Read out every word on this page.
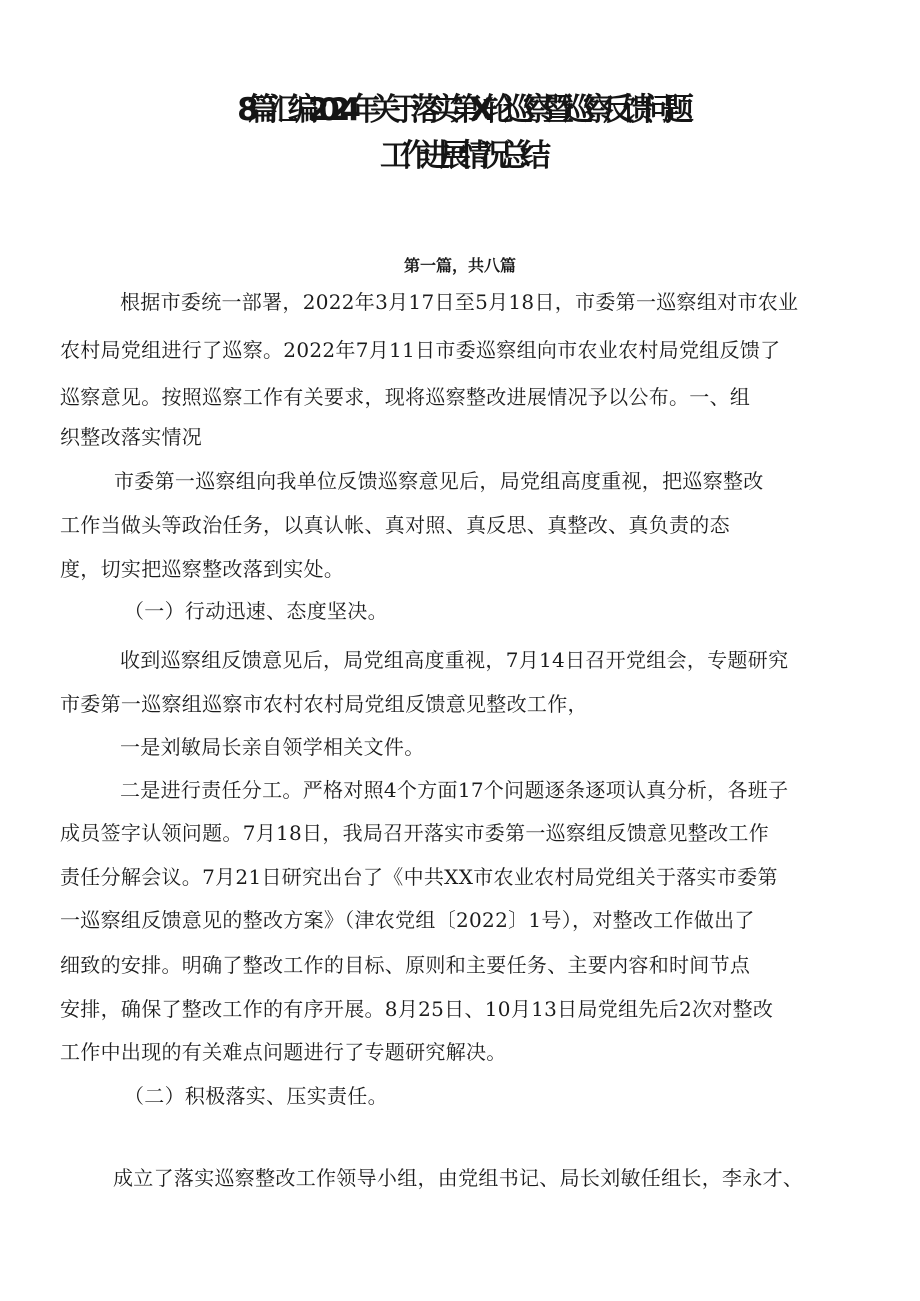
8篇汇编2024年关于落实第X轮巡察暨巡察反馈问题
工作进展情况总结
第一篇，共八篇
根据市委统一部署，2022年3月17日至5月18日，市委第一巡察组对市农业
农村局党组进行了巡察。2022年7月11日市委巡察组向市农业农村局党组反馈了
巡察意见。按照巡察工作有关要求，现将巡察整改进展情况予以公布。一、组
织整改落实情况
市委第一巡察组向我单位反馈巡察意见后，局党组高度重视，把巡察整改
工作当做头等政治任务，以真认帐、真对照、真反思、真整改、真负责的态
度，切实把巡察整改落到实处。
（一）行动迅速、态度坚决。
收到巡察组反馈意见后，局党组高度重视，7月14日召开党组会，专题研究
市委第一巡察组巡察市农村农村局党组反馈意见整改工作，
一是刘敏局长亲自领学相关文件。
二是进行责任分工。严格对照4个方面17个问题逐条逐项认真分析，各班子
成员签字认领问题。7月18日，我局召开落实市委第一巡察组反馈意见整改工作
责任分解会议。7月21日研究出台了《中共XX市农业农村局党组关于落实市委第
一巡察组反馈意见的整改方案》（津农党组〔2022〕1号），对整改工作做出了
细致的安排。明确了整改工作的目标、原则和主要任务、主要内容和时间节点
安排，确保了整改工作的有序开展。8月25日、10月13日局党组先后2次对整改
工作中出现的有关难点问题进行了专题研究解决。
（二）积极落实、压实责任。
成立了落实巡察整改工作领导小组，由党组书记、局长刘敏任组长，李永才、
